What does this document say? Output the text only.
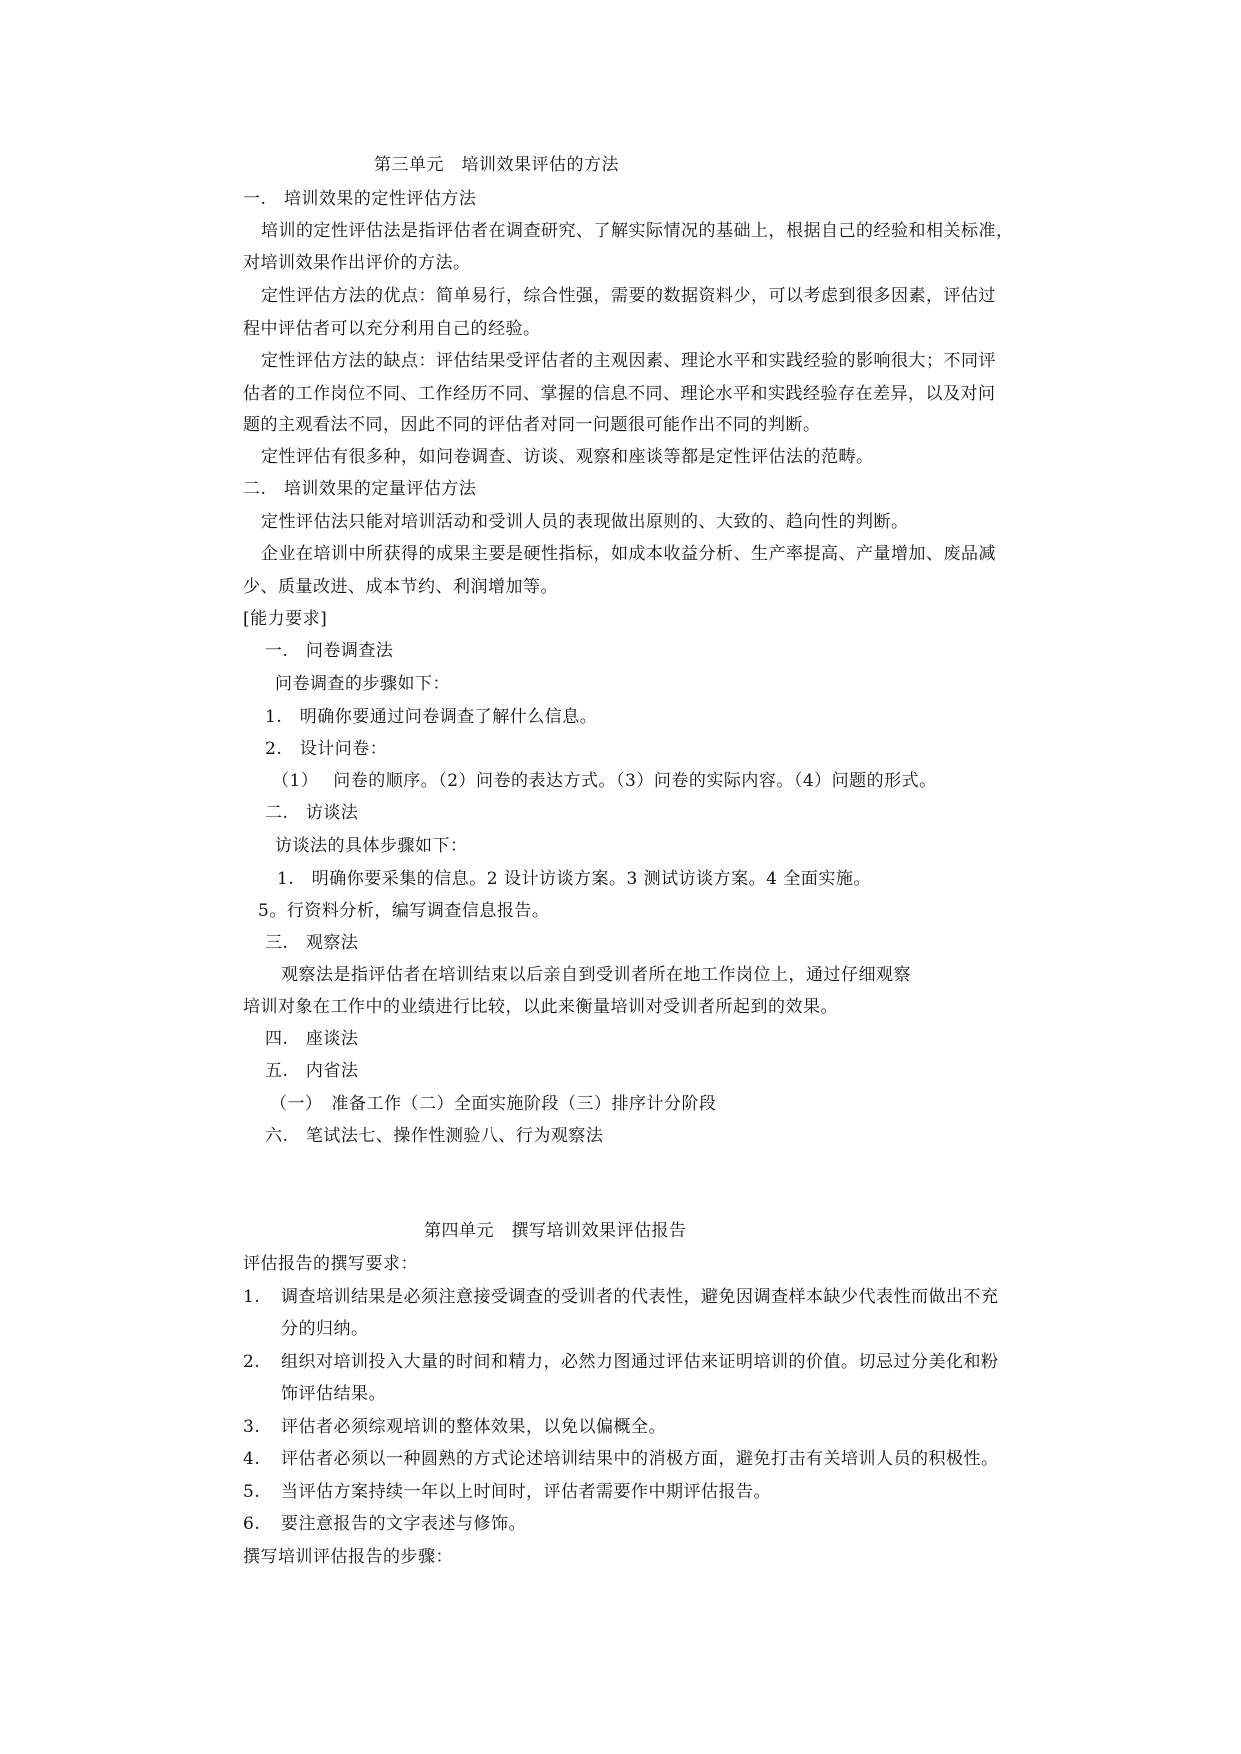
第三单元　培训效果评估的方法
一.　培训效果的定性评估方法
培训的定性评估法是指评估者在调查研究、了解实际情况的基础上，根据自己的经验和相关标准，
对培训效果作出评价的方法。
定性评估方法的优点：简单易行，综合性强，需要的数据资料少，可以考虑到很多因素，评估过
程中评估者可以充分利用自己的经验。
定性评估方法的缺点：评估结果受评估者的主观因素、理论水平和实践经验的影响很大；不同评
估者的工作岗位不同、工作经历不同、掌握的信息不同、理论水平和实践经验存在差异，以及对问
题的主观看法不同，因此不同的评估者对同一问题很可能作出不同的判断。
定性评估有很多种，如问卷调查、访谈、观察和座谈等都是定性评估法的范畴。
二.　培训效果的定量评估方法
定性评估法只能对培训活动和受训人员的表现做出原则的、大致的、趋向性的判断。
企业在培训中所获得的成果主要是硬性指标，如成本收益分析、生产率提高、产量增加、废品减
少、质量改进、成本节约、利润增加等。
[能力要求]
一.　问卷调查法
问卷调查的步骤如下：
1.　明确你要通过问卷调查了解什么信息。
2.　设计问卷：
（1）　 问卷的顺序。（2）问卷的表达方式。（3）问卷的实际内容。（4）问题的形式。
二.　访谈法
访谈法的具体步骤如下：
1.　明确你要采集的信息。2 设计访谈方案。3 测试访谈方案。4 全面实施。
5。行资料分析，编写调查信息报告。
三.　观察法
观察法是指评估者在培训结束以后亲自到受训者所在地工作岗位上，通过仔细观察
培训对象在工作中的业绩进行比较，以此来衡量培训对受训者所起到的效果。
四.　座谈法
五.　内省法
（一）　准备工作（二）全面实施阶段（三）排序计分阶段
六.　笔试法七、操作性测验八、行为观察法
第四单元　撰写培训效果评估报告
评估报告的撰写要求：
1. 调查培训结果是必须注意接受调查的受训者的代表性，避免因调查样本缺少代表性而做出不充
分的归纳。
2. 组织对培训投入大量的时间和精力，必然力图通过评估来证明培训的价值。切忌过分美化和粉
饰评估结果。
3. 评估者必须综观培训的整体效果，以免以偏概全。
4. 评估者必须以一种圆熟的方式论述培训结果中的消极方面，避免打击有关培训人员的积极性。
5. 当评估方案持续一年以上时间时，评估者需要作中期评估报告。
6. 要注意报告的文字表述与修饰。
撰写培训评估报告的步骤：
